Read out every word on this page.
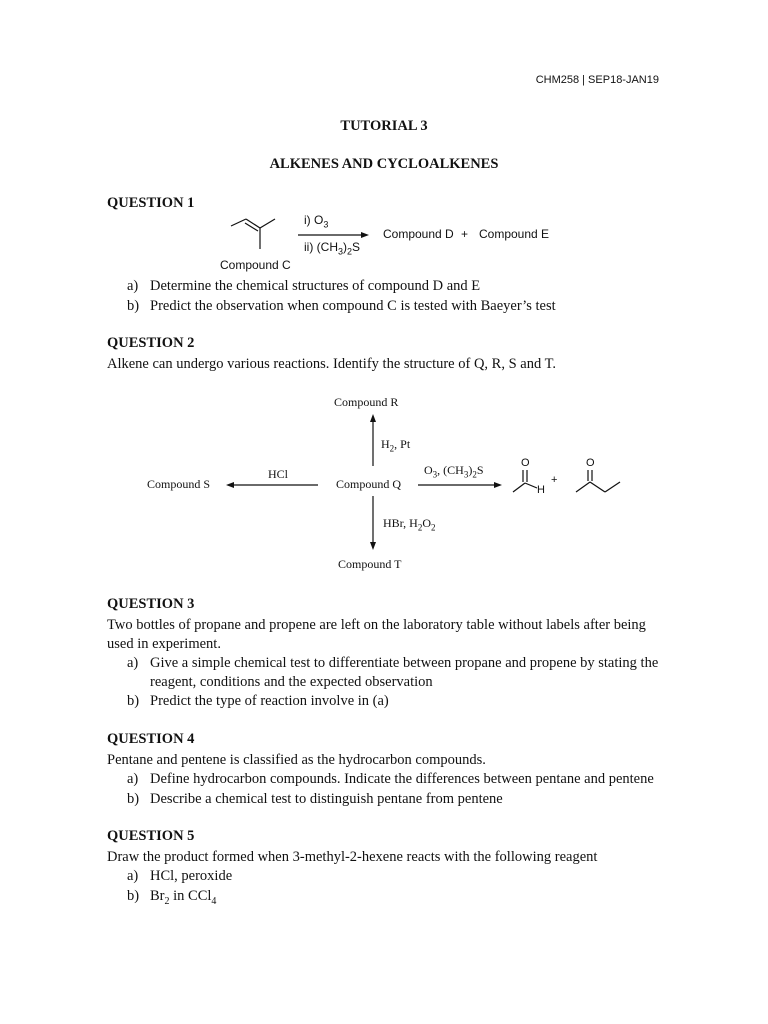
CHM258 | SEP18-JAN19
TUTORIAL 3
ALKENES AND CYCLOALKENES
QUESTION 1
i) $O_3$
ii) $(CH_3)_2S$
Compound C
Compound D + Compound E
a) Determine the chemical structures of compound D and E
b) Predict the observation when compound C is tested with Baeyer’s test
QUESTION 2
Alkene can undergo various reactions. Identify the structure of Q, R, S and T.
Compound R
$H_2$, Pt
Compound S
HCl
Compound Q
$O_3$, $(CH_3)_2S$
HBr, $H_2O_2$
Compound T
O
H
+
O
QUESTION 3
Two bottles of propane and propene are left on the laboratory table without labels after being used in experiment.
a) Give a simple chemical test to differentiate between propane and propene by stating the reagent, conditions and the expected observation
b) Predict the type of reaction involve in (a)
QUESTION 4
Pentane and pentene is classified as the hydrocarbon compounds.
a) Define hydrocarbon compounds. Indicate the differences between pentane and pentene
b) Describe a chemical test to distinguish pentane from pentene
QUESTION 5
Draw the product formed when 3-methyl-2-hexene reacts with the following reagent
a) HCl, peroxide
b) $Br_2$ in CCl$_4$
